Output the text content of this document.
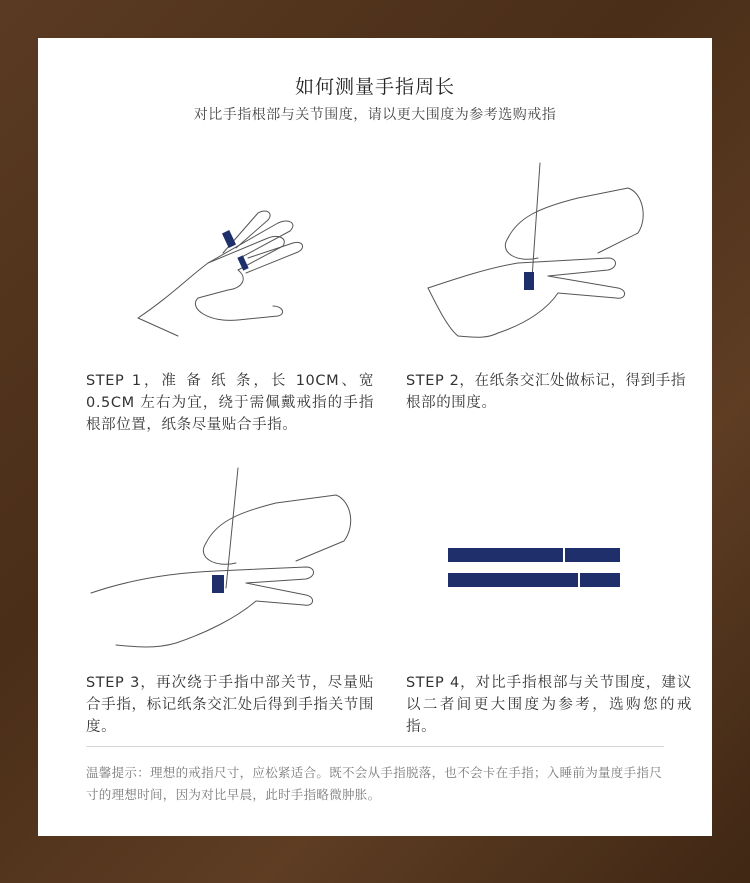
如何测量手指周长
对比手指根部与关节围度，请以更大围度为参考选购戒指
STEP 1，准 备 纸 条，长 10CM、宽 0.5CM 左右为宜，绕于需佩戴戒指的手指根部位置，纸条尽量贴合手指。
STEP 2，在纸条交汇处做标记，得到手指根部的围度。
STEP 3，再次绕于手指中部关节，尽量贴合手指，标记纸条交汇处后得到手指关节围度。
STEP 4，对比手指根部与关节围度，建议以二者间更大围度为参考，选购您的戒指。
温馨提示：理想的戒指尺寸，应松紧适合。既不会从手指脱落，也不会卡在手指；入睡前为量度手指尺寸的理想时间，因为对比早晨，此时手指略微肿胀。
